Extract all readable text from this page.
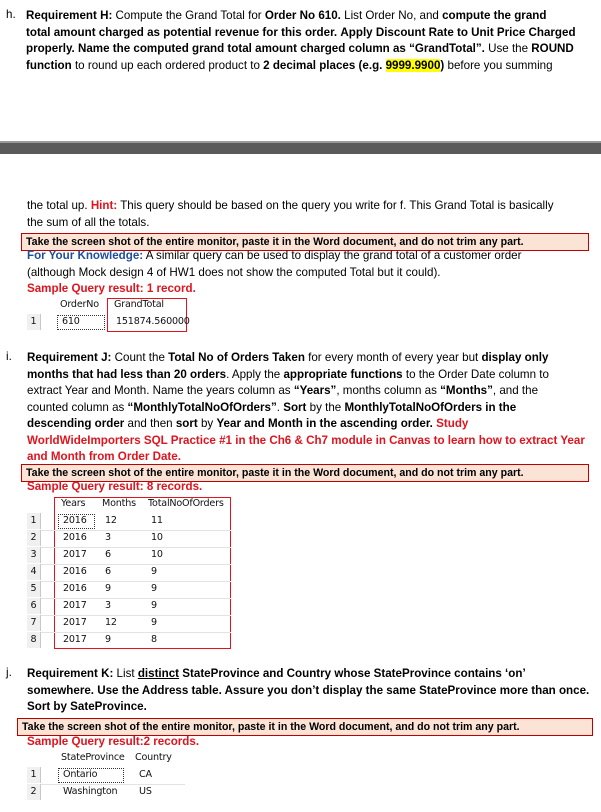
h. Requirement H: Compute the Grand Total for Order No 610. List Order No, and compute the grand
total amount charged as potential revenue for this order. Apply Discount Rate to Unit Price Charged
properly. Name the computed grand total amount charged column as “GrandTotal”. Use the ROUND
function to round up each ordered product to 2 decimal places (e.g. 9999.9900) before you summing
the total up. Hint: This query should be based on the query you write for f. This Grand Total is basically
the sum of all the totals.
Take the screen shot of the entire monitor, paste it in the Word document, and do not trim any part.
For Your Knowledge: A similar query can be used to display the grand total of a customer order
(although Mock design 4 of HW1 does not show the computed Total but it could).
Sample Query result: 1 record.
OrderNo GrandTotal
1	610	151874.560000
i. Requirement J: Count the Total No of Orders Taken for every month of every year but display only
months that had less than 20 orders. Apply the appropriate functions to the Order Date column to
extract Year and Month. Name the years column as “Years”, months column as “Months”, and the
counted column as “MonthlyTotalNoOfOrders”. Sort by the MonthlyTotalNoOfOrders in the
descending order and then sort by Year and Month in the ascending order. Study
WorldWideImporters SQL Practice #1 in the Ch6 & Ch7 module in Canvas to learn how to extract Year
and Month from Order Date.
Take the screen shot of the entire monitor, paste it in the Word document, and do not trim any part.
Sample Query result: 8 records.
Years Months TotalNoOfOrders
1	2016 12	11
2	2016 3	10
3	2017 6	10
4	2016 6	9
5	2016 9	9
6	2017 3	9
7	2017 12	9
8	2017 9	8
j. Requirement K: List distinct StateProvince and Country whose StateProvince contains ‘on’
somewhere. Use the Address table. Assure you don’t display the same StateProvince more than once.
Sort by SateProvince.
Take the screen shot of the entire monitor, paste it in the Word document, and do not trim any part.
Sample Query result:2 records.
StateProvince Country
1	Ontario	CA
2	Washington US
